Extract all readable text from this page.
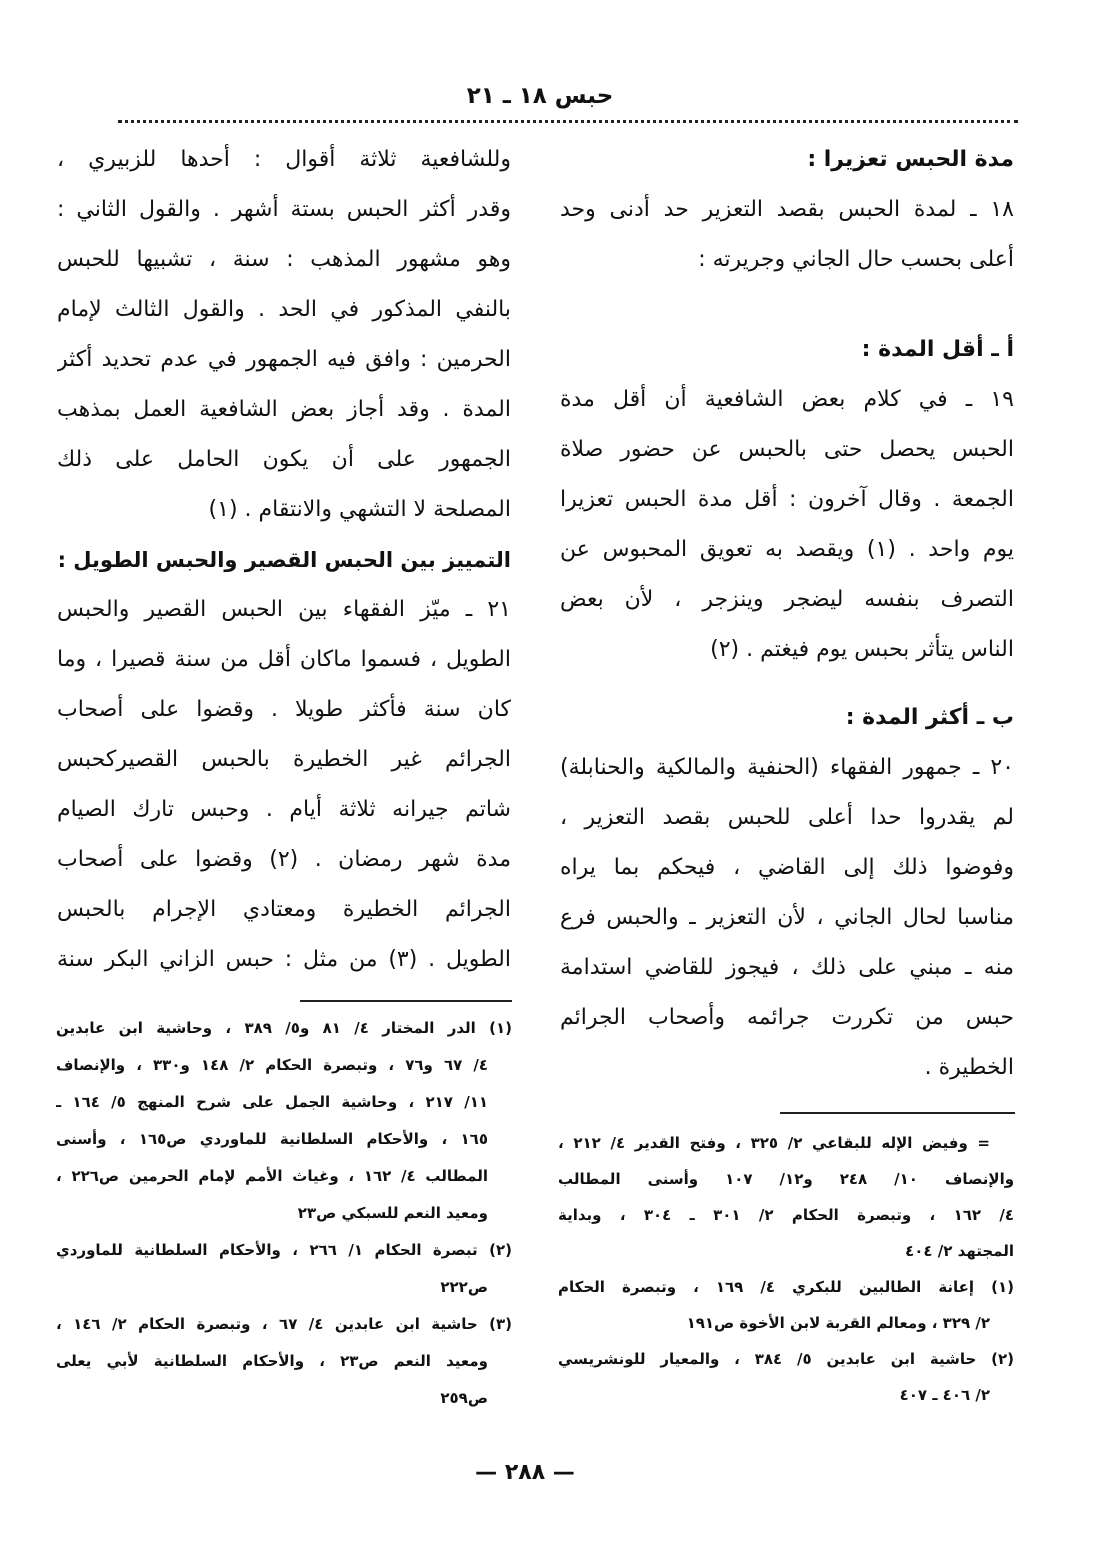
حبس ١٨ ـ ٢١
مدة الحبس تعزيرا :
١٨ ـ لمدة الحبس بقصد التعزير حد أدنى وحد
أعلى بحسب حال الجاني وجريرته :
أ ـ أقل المدة :
١٩ ـ في كلام بعض الشافعية أن أقل مدة
الحبس يحصل حتى بالحبس عن حضور صلاة
الجمعة . وقال آخرون : أقل مدة الحبس تعزيرا
يوم واحد . (١) ويقصد به تعويق المحبوس عن
التصرف بنفسه ليضجر وينزجر ، لأن بعض
الناس يتأثر بحبس يوم فيغتم . (٢)
ب ـ أكثر المدة :
٢٠ ـ جمهور الفقهاء (الحنفية والمالكية والحنابلة)
لم يقدروا حدا أعلى للحبس بقصد التعزير ،
وفوضوا ذلك إلى القاضي ، فيحكم بما يراه
مناسبا لحال الجاني ، لأن التعزير ـ والحبس فرع
منه ـ مبني على ذلك ، فيجوز للقاضي استدامة
حبس من تكررت جرائمه وأصحاب الجرائم
الخطيرة .
وللشافعية ثلاثة أقوال : أحدها للزبيري ،
وقدر أكثر الحبس بستة أشهر . والقول الثاني :
وهو مشهور المذهب : سنة ، تشبيها للحبس
بالنفي المذكور في الحد . والقول الثالث لإمام
الحرمين : وافق فيه الجمهور في عدم تحديد أكثر
المدة . وقد أجاز بعض الشافعية العمل بمذهب
الجمهور على أن يكون الحامل على ذلك
المصلحة لا التشهي والانتقام . (١)
التمييز بين الحبس القصير والحبس الطويل :
٢١ ـ ميّز الفقهاء بين الحبس القصير والحبس
الطويل ، فسموا ماكان أقل من سنة قصيرا ، وما
كان سنة فأكثر طويلا . وقضوا على أصحاب
الجرائم غير الخطيرة بالحبس القصيركحبس
شاتم جيرانه ثلاثة أيام . وحبس تارك الصيام
مدة شهر رمضان . (٢) وقضوا على أصحاب
الجرائم الخطيرة ومعتادي الإجرام بالحبس
الطويل . (٣) من مثل : حبس الزاني البكر سنة
= وفيض الإله للبقاعي ٢/ ٣٢٥ ، وفتح القدير ٤/ ٢١٢ ،
والإنصاف ١٠/ ٢٤٨ و١٢/ ١٠٧ وأسنى المطالب
٤/ ١٦٢ ، وتبصرة الحكام ٢/ ٣٠١ ـ ٣٠٤ ، وبداية
المجتهد ٢/ ٤٠٤
(١) إعانة الطالبين للبكري ٤/ ١٦٩ ، وتبصرة الحكام
٢/ ٣٢٩ ، ومعالم القربة لابن الأخوة ص١٩١
(٢) حاشية ابن عابدين ٥/ ٣٨٤ ، والمعيار للونشريسي
٢/ ٤٠٦ ـ ٤٠٧
(١) الدر المختار ٤/ ٨١ و٥/ ٣٨٩ ، وحاشية ابن عابدين
٤/ ٦٧ و٧٦ ، وتبصرة الحكام ٢/ ١٤٨ و٣٣٠ ، والإنصاف
١١/ ٢١٧ ، وحاشية الجمل على شرح المنهج ٥/ ١٦٤ ـ
١٦٥ ، والأحكام السلطانية للماوردي ص١٦٥ ، وأسنى
المطالب ٤/ ١٦٢ ، وغياث الأمم لإمام الحرمين ص٢٢٦ ،
ومعيد النعم للسبكي ص٢٣
(٢) تبصرة الحكام ١/ ٢٦٦ ، والأحكام السلطانية للماوردي
ص٢٢٢
(٣) حاشية ابن عابدين ٤/ ٦٧ ، وتبصرة الحكام ٢/ ١٤٦ ،
ومعيد النعم ص٢٣ ، والأحكام السلطانية لأبي يعلى
ص٢٥٩
— ٢٨٨ —
